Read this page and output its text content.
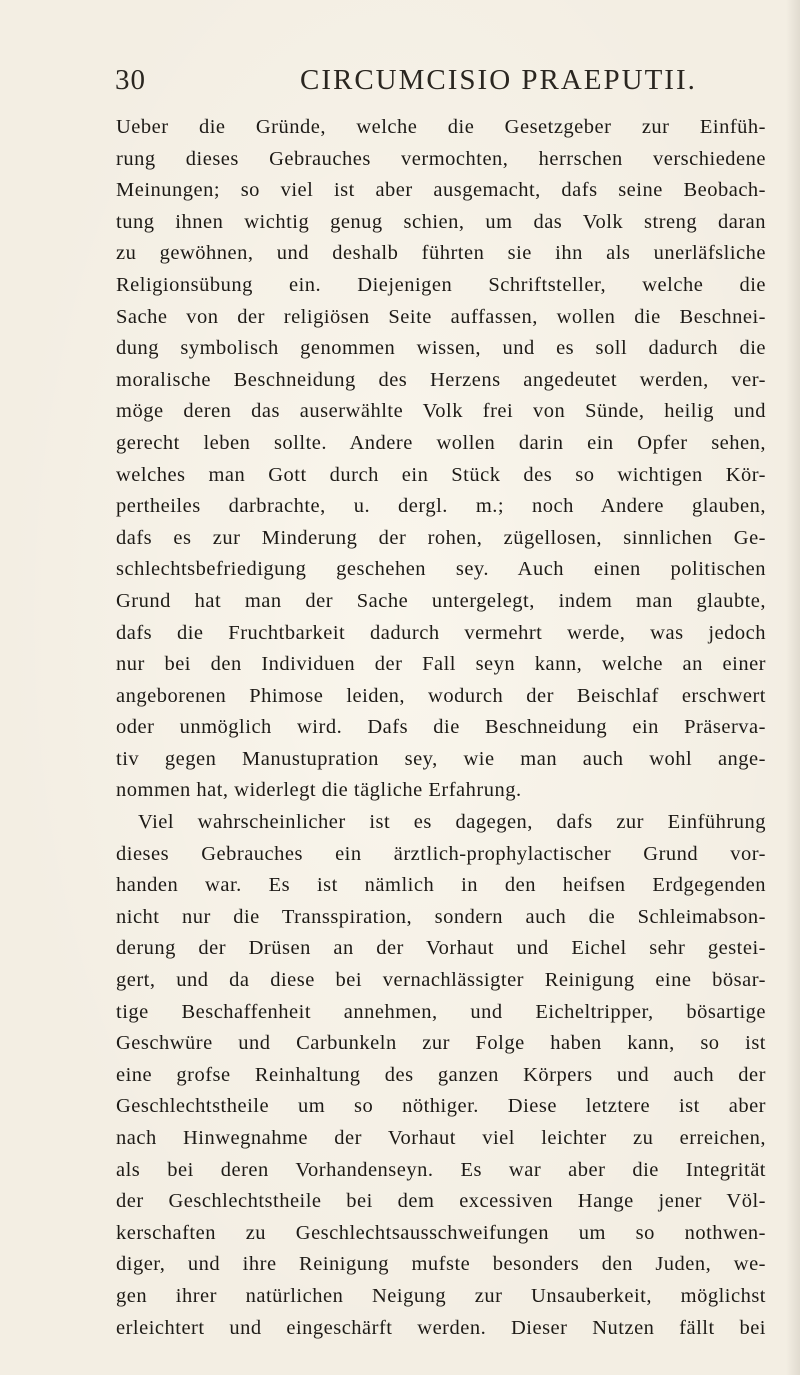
30	CIRCUMCISIO PRAEPUTII.
Ueber die Gründe, welche die Gesetzgeber zur Einfüh-
rung dieses Gebrauches vermochten, herrschen verschiedene
Meinungen; so viel ist aber ausgemacht, dafs seine Beobach-
tung ihnen wichtig genug schien, um das Volk streng daran
zu gewöhnen, und deshalb führten sie ihn als unerläfsliche
Religionsübung ein. Diejenigen Schriftsteller, welche die
Sache von der religiösen Seite auffassen, wollen die Beschnei-
dung symbolisch genommen wissen, und es soll dadurch die
moralische Beschneidung des Herzens angedeutet werden, ver-
möge deren das auserwählte Volk frei von Sünde, heilig und
gerecht leben sollte. Andere wollen darin ein Opfer sehen,
welches man Gott durch ein Stück des so wichtigen Kör-
pertheiles darbrachte, u. dergl. m.; noch Andere glauben,
dafs es zur Minderung der rohen, zügellosen, sinnlichen Ge-
schlechtsbefriedigung geschehen sey. Auch einen politischen
Grund hat man der Sache untergelegt, indem man glaubte,
dafs die Fruchtbarkeit dadurch vermehrt werde, was jedoch
nur bei den Individuen der Fall seyn kann, welche an einer
angeborenen Phimose leiden, wodurch der Beischlaf erschwert
oder unmöglich wird. Dafs die Beschneidung ein Präserva-
tiv gegen Manustupration sey, wie man auch wohl ange-
nommen hat, widerlegt die tägliche Erfahrung.
Viel wahrscheinlicher ist es dagegen, dafs zur Einführung
dieses Gebrauches ein ärztlich-prophylactischer Grund vor-
handen war. Es ist nämlich in den heifsen Erdgegenden
nicht nur die Transspiration, sondern auch die Schleimabson-
derung der Drüsen an der Vorhaut und Eichel sehr gestei-
gert, und da diese bei vernachlässigter Reinigung eine bösar-
tige Beschaffenheit annehmen, und Eicheltripper, bösartige
Geschwüre und Carbunkeln zur Folge haben kann, so ist
eine grofse Reinhaltung des ganzen Körpers und auch der
Geschlechtstheile um so nöthiger. Diese letztere ist aber
nach Hinwegnahme der Vorhaut viel leichter zu erreichen,
als bei deren Vorhandenseyn. Es war aber die Integrität
der Geschlechtstheile bei dem excessiven Hange jener Völ-
kerschaften zu Geschlechtsausschweifungen um so nothwen-
diger, und ihre Reinigung mufste besonders den Juden, we-
gen ihrer natürlichen Neigung zur Unsauberkeit, möglichst
erleichtert und eingeschärft werden. Dieser Nutzen fällt bei
